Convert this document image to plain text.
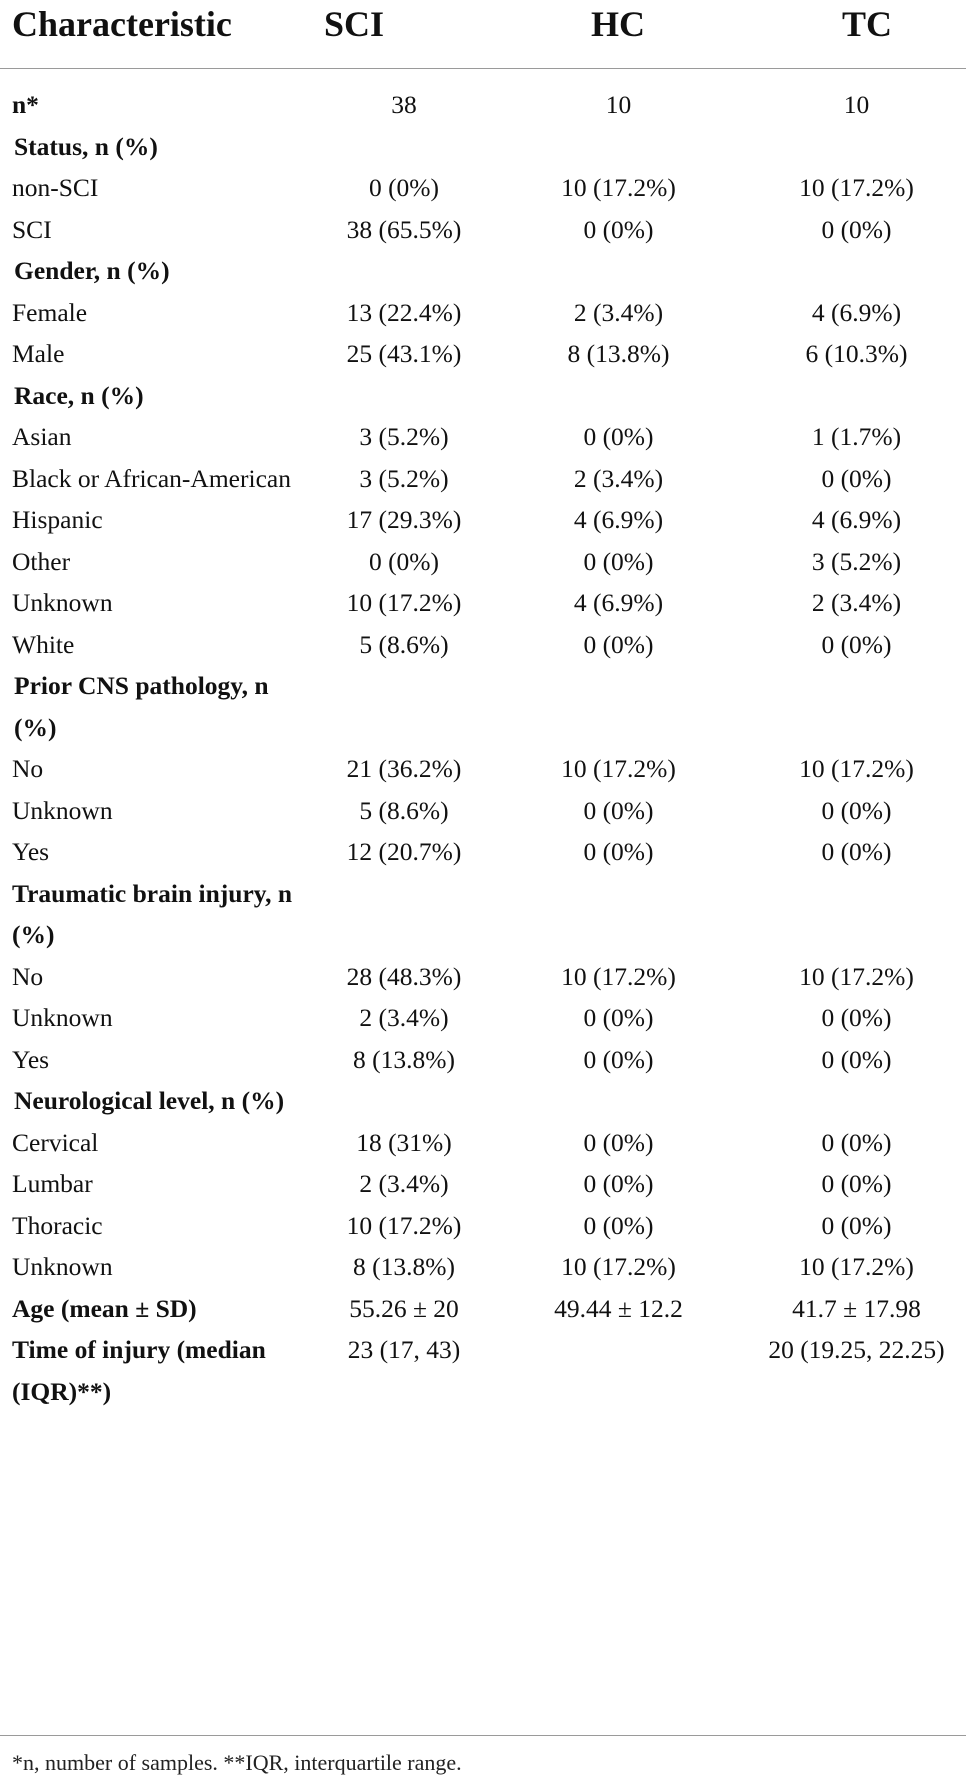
Characteristic	SCI	HC	TC
n*	38	10	10
Status, n (%)			
non-SCI	0 (0%)	10 (17.2%)	10 (17.2%)
SCI	38 (65.5%)	0 (0%)	0 (0%)
Gender, n (%)			
Female	13 (22.4%)	2 (3.4%)	4 (6.9%)
Male	25 (43.1%)	8 (13.8%)	6 (10.3%)
Race, n (%)			
Asian	3 (5.2%)	0 (0%)	1 (1.7%)
Black or African-American	3 (5.2%)	2 (3.4%)	0 (0%)
Hispanic	17 (29.3%)	4 (6.9%)	4 (6.9%)
Other	0 (0%)	0 (0%)	3 (5.2%)
Unknown	10 (17.2%)	4 (6.9%)	2 (3.4%)
White	5 (8.6%)	0 (0%)	0 (0%)
Prior CNS pathology, n (%)			
No	21 (36.2%)	10 (17.2%)	10 (17.2%)
Unknown	5 (8.6%)	0 (0%)	0 (0%)
Yes	12 (20.7%)	0 (0%)	0 (0%)
Traumatic brain injury, n (%)			
No	28 (48.3%)	10 (17.2%)	10 (17.2%)
Unknown	2 (3.4%)	0 (0%)	0 (0%)
Yes	8 (13.8%)	0 (0%)	0 (0%)
Neurological level, n (%)			
Cervical	18 (31%)	0 (0%)	0 (0%)
Lumbar	2 (3.4%)	0 (0%)	0 (0%)
Thoracic	10 (17.2%)	0 (0%)	0 (0%)
Unknown	8 (13.8%)	10 (17.2%)	10 (17.2%)
Age (mean ± SD)	55.26 ± 20	49.44 ± 12.2	41.7 ± 17.98
Time of injury (median (IQR)**)	23 (17, 43)		20 (19.25, 22.25)
*n, number of samples. **IQR, interquartile range.
